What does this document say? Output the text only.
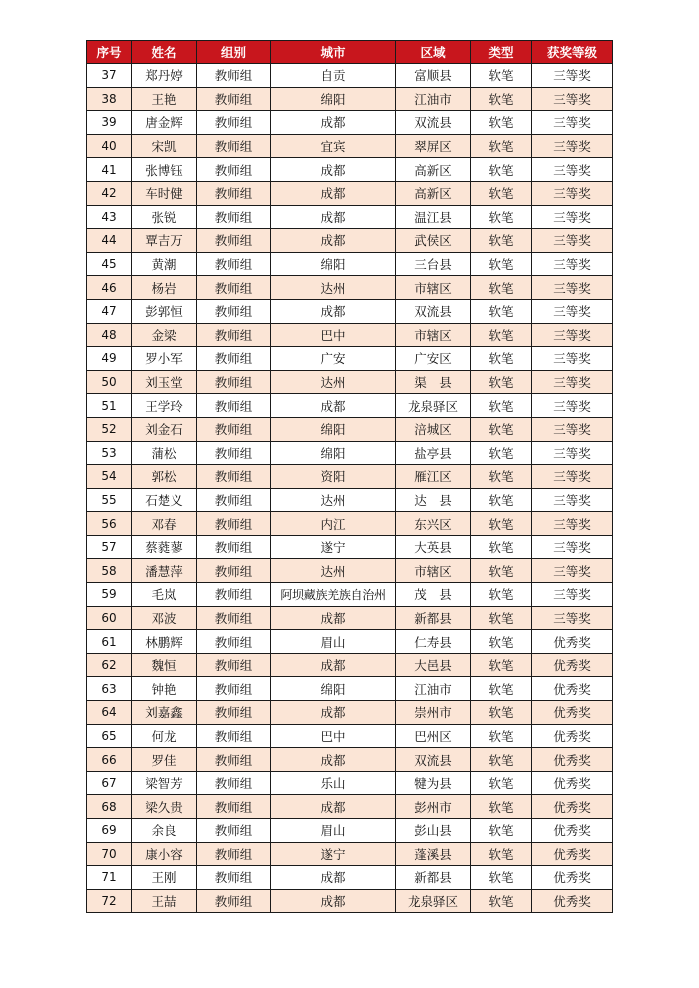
序号	姓名	组别	城市	区域	类型	获奖等级
37	郑丹婷	教师组	自贡	富顺县	软笔	三等奖
38	王艳	教师组	绵阳	江油市	软笔	三等奖
39	唐金辉	教师组	成都	双流县	软笔	三等奖
40	宋凯	教师组	宜宾	翠屏区	软笔	三等奖
41	张博钰	教师组	成都	高新区	软笔	三等奖
42	车时健	教师组	成都	高新区	软笔	三等奖
43	张锐	教师组	成都	温江县	软笔	三等奖
44	覃吉万	教师组	成都	武侯区	软笔	三等奖
45	黄潮	教师组	绵阳	三台县	软笔	三等奖
46	杨岩	教师组	达州	市辖区	软笔	三等奖
47	彭郭恒	教师组	成都	双流县	软笔	三等奖
48	金梁	教师组	巴中	市辖区	软笔	三等奖
49	罗小军	教师组	广安	广安区	软笔	三等奖
50	刘玉堂	教师组	达州	渠　县	软笔	三等奖
51	王学玲	教师组	成都	龙泉驿区	软笔	三等奖
52	刘金石	教师组	绵阳	涪城区	软笔	三等奖
53	蒲松	教师组	绵阳	盐亭县	软笔	三等奖
54	郭松	教师组	资阳	雁江区	软笔	三等奖
55	石楚义	教师组	达州	达　县	软笔	三等奖
56	邓春	教师组	内江	东兴区	软笔	三等奖
57	蔡蕤蓼	教师组	遂宁	大英县	软笔	三等奖
58	潘慧萍	教师组	达州	市辖区	软笔	三等奖
59	毛岚	教师组	阿坝藏族羌族自治州	茂　县	软笔	三等奖
60	邓波	教师组	成都	新都县	软笔	三等奖
61	林鹏辉	教师组	眉山	仁寿县	软笔	优秀奖
62	魏恒	教师组	成都	大邑县	软笔	优秀奖
63	钟艳	教师组	绵阳	江油市	软笔	优秀奖
64	刘嘉鑫	教师组	成都	崇州市	软笔	优秀奖
65	何龙	教师组	巴中	巴州区	软笔	优秀奖
66	罗佳	教师组	成都	双流县	软笔	优秀奖
67	梁智芳	教师组	乐山	犍为县	软笔	优秀奖
68	梁久贵	教师组	成都	彭州市	软笔	优秀奖
69	余良	教师组	眉山	彭山县	软笔	优秀奖
70	康小容	教师组	遂宁	蓬溪县	软笔	优秀奖
71	王刚	教师组	成都	新都县	软笔	优秀奖
72	王喆	教师组	成都	龙泉驿区	软笔	优秀奖
